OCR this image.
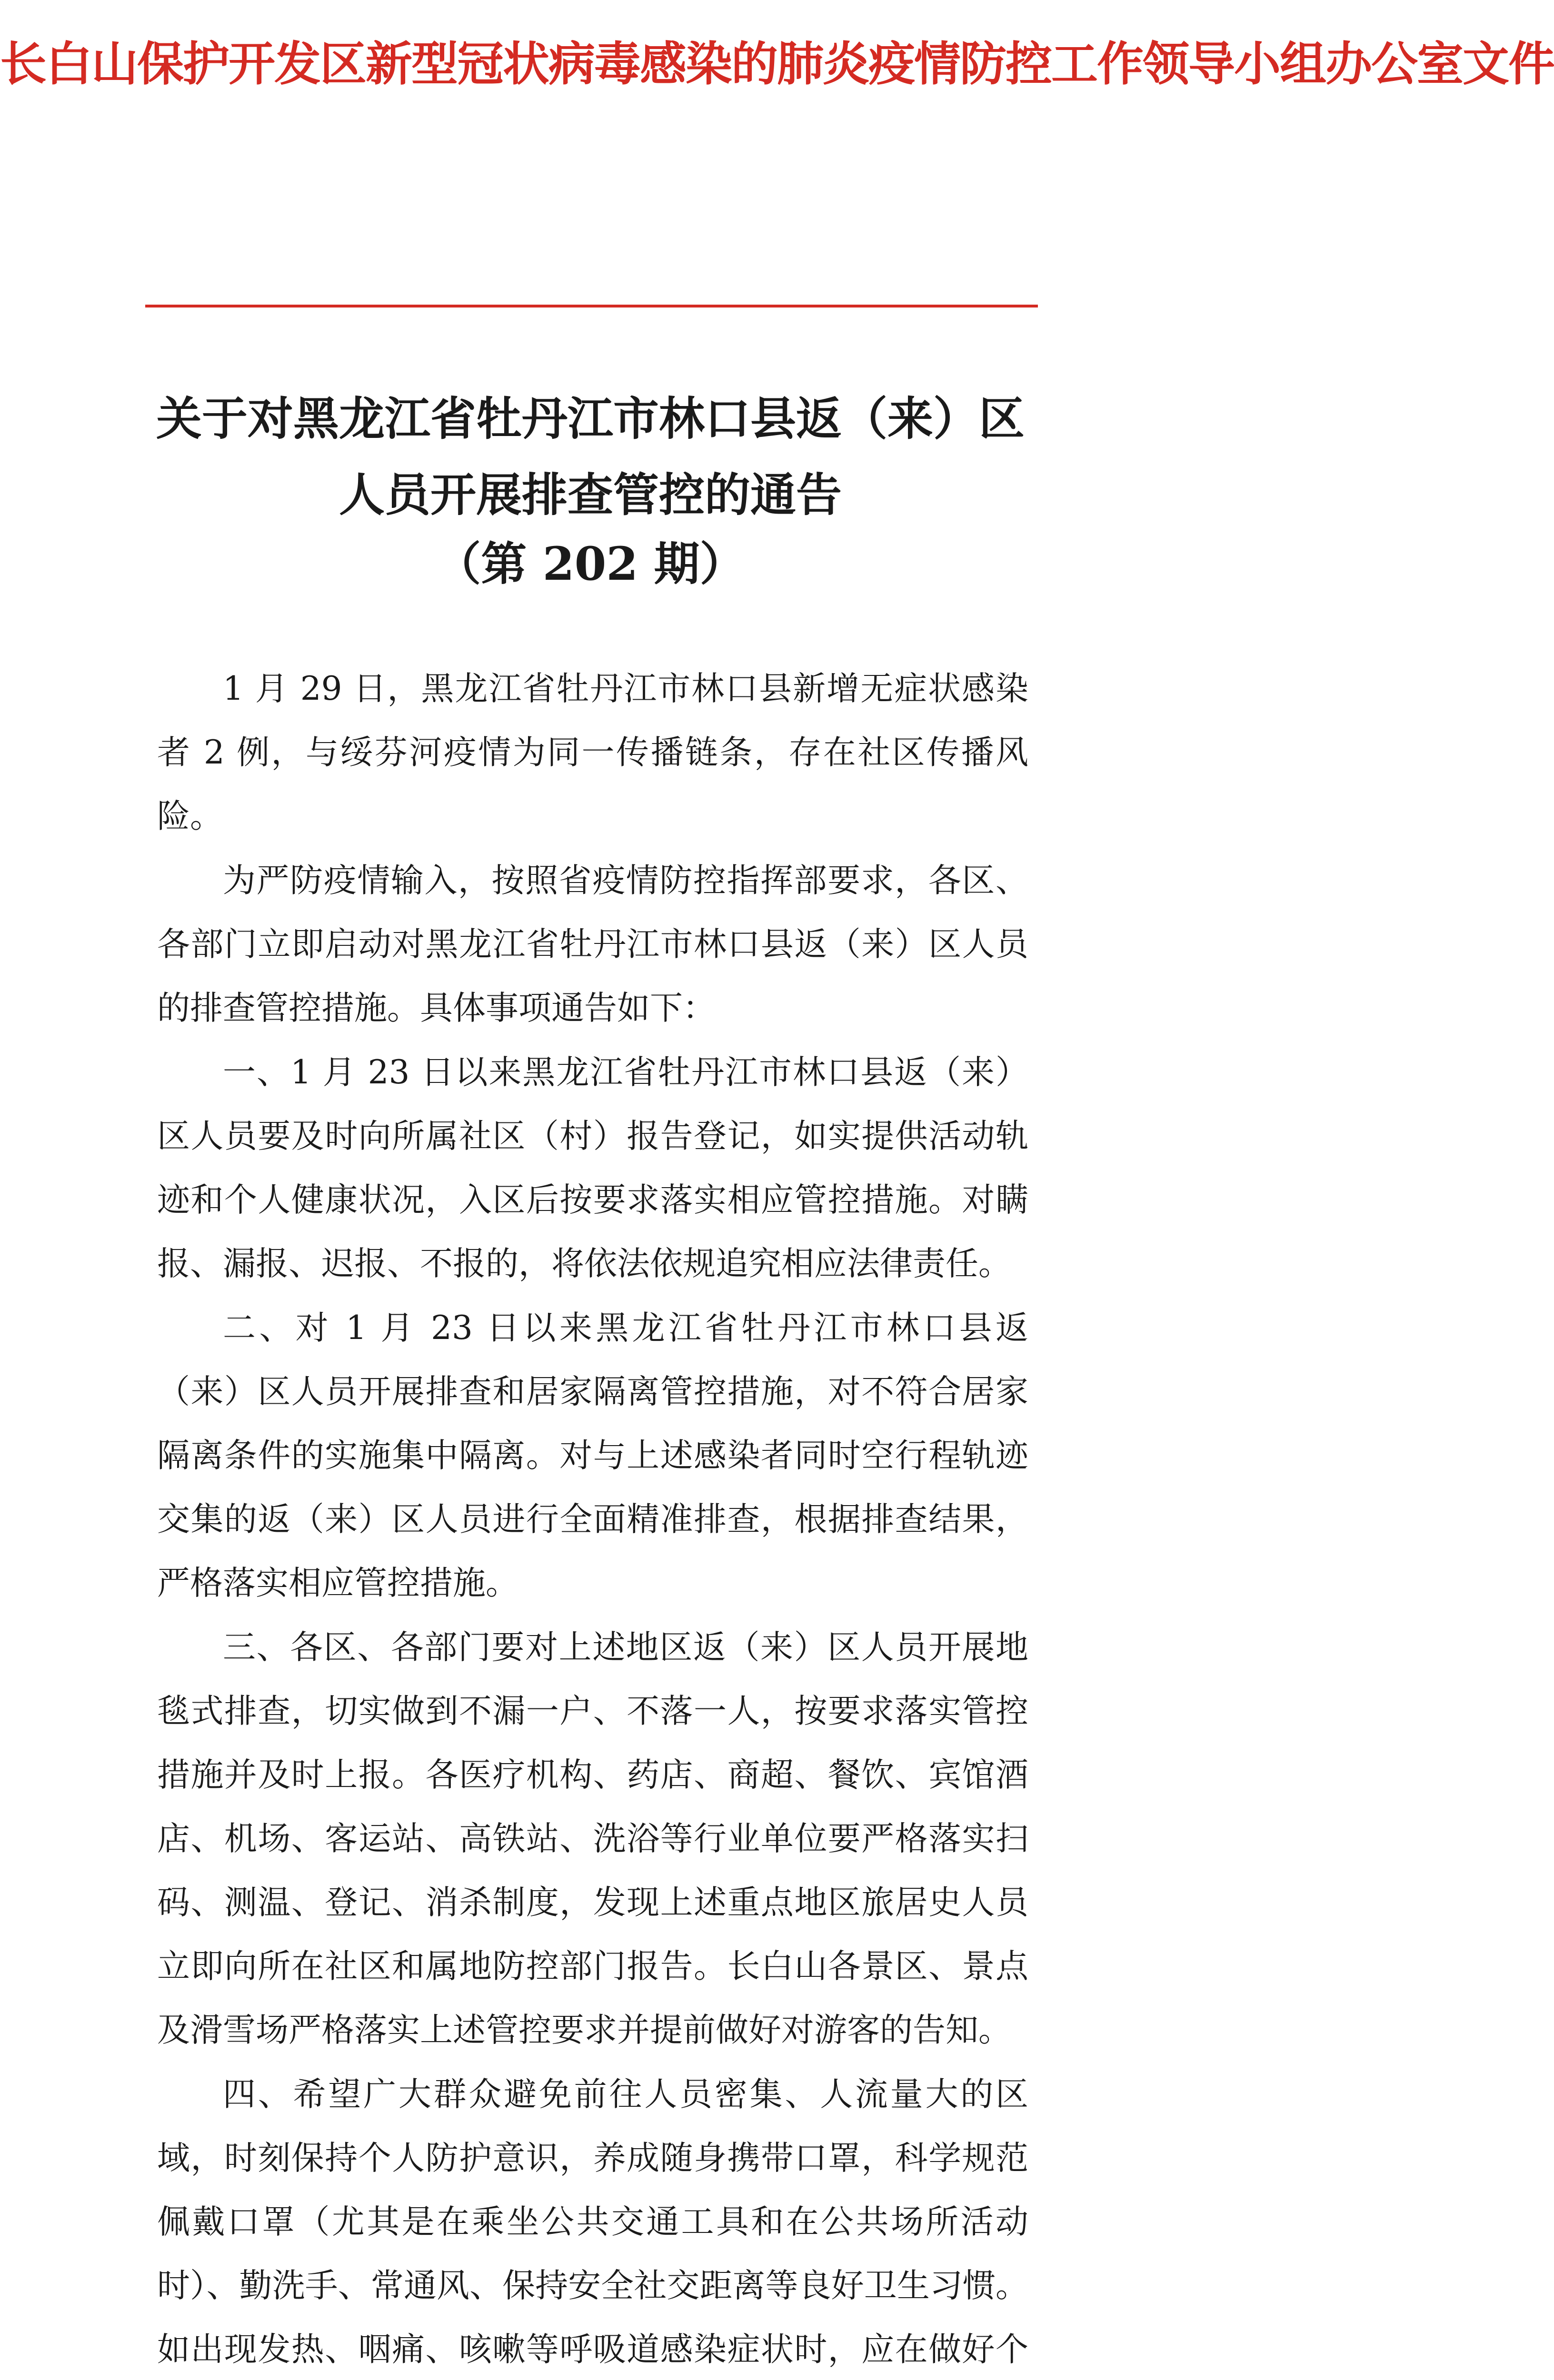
长白山保护开发区新型冠状病毒感染的肺炎疫情防控工作领导小组办公室文件
关于对黑龙江省牡丹江市林口县返（来）区
人员开展排查管控的通告
（第 202 期）

1 月 29 日，黑龙江省牡丹江市林口县新增无症状感染者 2 例，与绥芬河疫情为同一传播链条，存在社区传播风险。

为严防疫情输入，按照省疫情防控指挥部要求，各区、各部门立即启动对黑龙江省牡丹江市林口县返（来）区人员的排查管控措施。具体事项通告如下：

一、1 月 23 日以来黑龙江省牡丹江市林口县返（来）区人员要及时向所属社区（村）报告登记，如实提供活动轨迹和个人健康状况，入区后按要求落实相应管控措施。对瞒报、漏报、迟报、不报的，将依法依规追究相应法律责任。

二、对 1 月 23 日以来黑龙江省牡丹江市林口县返（来）区人员开展排查和居家隔离管控措施，对不符合居家隔离条件的实施集中隔离。对与上述感染者同时空行程轨迹交集的返（来）区人员进行全面精准排查，根据排查结果，严格落实相应管控措施。

三、各区、各部门要对上述地区返（来）区人员开展地毯式排查，切实做到不漏一户、不落一人，按要求落实管控措施并及时上报。各医疗机构、药店、商超、餐饮、宾馆酒店、机场、客运站、高铁站、洗浴等行业单位要严格落实扫码、测温、登记、消杀制度，发现上述重点地区旅居史人员立即向所在社区和属地防控部门报告。长白山各景区、景点及滑雪场严格落实上述管控要求并提前做好对游客的告知。

四、希望广大群众避免前往人员密集、人流量大的区域，时刻保持个人防护意识，养成随身携带口罩，科学规范佩戴口罩（尤其是在乘坐公共交通工具和在公共场所活动时）、勤洗手、常通风、保持安全社交距离等良好卫生习惯。如出现发热、咽痛、咳嗽等呼吸道感染症状时，应在做好个
